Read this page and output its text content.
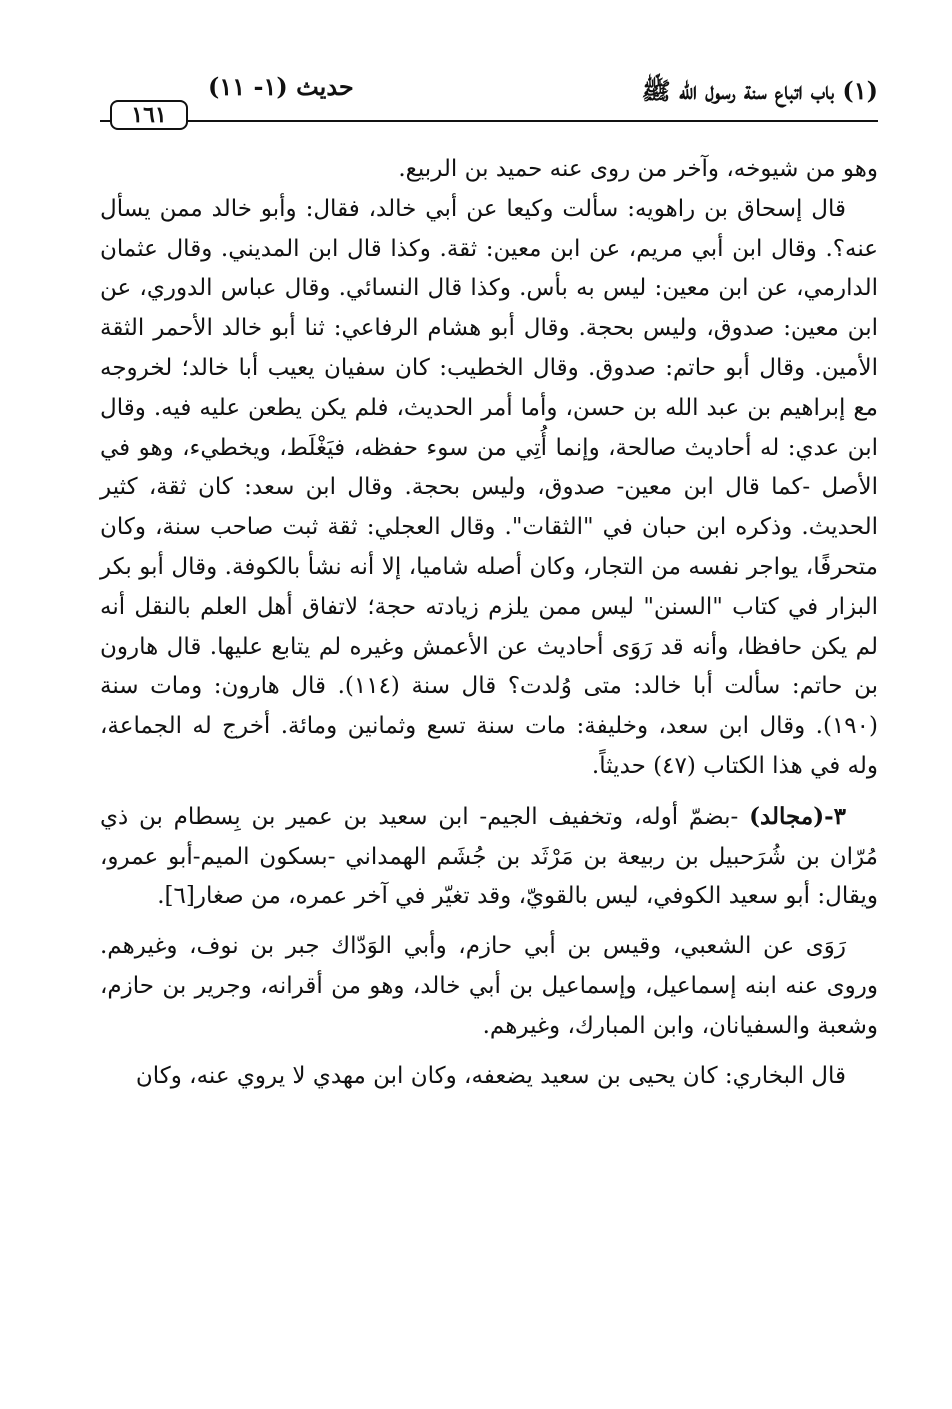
١٦١
حديث (١- ١١)	(١) باب اتباع سنة رسول الله ﷺ

وهو من شيوخه، وآخر من روى عنه حميد بن الربيع.

قال إسحاق بن راهويه: سألت وكيعا عن أبي خالد، فقال: وأبو خالد ممن يسأل عنه؟. وقال ابن أبي مريم، عن ابن معين: ثقة. وكذا قال ابن المديني. وقال عثمان الدارمي، عن ابن معين: ليس به بأس. وكذا قال النسائي. وقال عباس الدوري، عن ابن معين: صدوق، وليس بحجة. وقال أبو هشام الرفاعي: ثنا أبو خالد الأحمر الثقة الأمين. وقال أبو حاتم: صدوق. وقال الخطيب: كان سفيان يعيب أبا خالد؛ لخروجه مع إبراهيم بن عبد الله بن حسن، وأما أمر الحديث، فلم يكن يطعن عليه فيه. وقال ابن عدي: له أحاديث صالحة، وإنما أُتِي من سوء حفظه، فيَغْلَط، ويخطيء، وهو في الأصل -كما قال ابن معين- صدوق، وليس بحجة. وقال ابن سعد: كان ثقة، كثير الحديث. وذكره ابن حبان في "الثقات". وقال العجلي: ثقة ثبت صاحب سنة، وكان متحرفًا، يواجر نفسه من التجار، وكان أصله شاميا، إلا أنه نشأ بالكوفة. وقال أبو بكر البزار في كتاب "السنن" ليس ممن يلزم زيادته حجة؛ لاتفاق أهل العلم بالنقل أنه لم يكن حافظا، وأنه قد رَوَى أحاديث عن الأعمش وغيره لم يتابع عليها. قال هارون بن حاتم: سألت أبا خالد: متى وُلدت؟ قال سنة (١١٤). قال هارون: ومات سنة (١٩٠). وقال ابن سعد، وخليفة: مات سنة تسع وثمانين ومائة. أخرج له الجماعة، وله في هذا الكتاب (٤٧) حديثاً.

٣-(مجالد) -بضمّ أوله، وتخفيف الجيم- ابن سعيد بن عمير بن بِسطام بن ذي مُرّان بن شُرَحبيل بن ربيعة بن مَرْثَد بن جُشَم الهمداني -بسكون الميم-أبو عمرو، ويقال: أبو سعيد الكوفي، ليس بالقويّ، وقد تغيّر في آخر عمره، من صغار[٦].

رَوَى عن الشعبي، وقيس بن أبي حازم، وأبي الوَدّاك جبر بن نوف، وغيرهم. وروى عنه ابنه إسماعيل، وإسماعيل بن أبي خالد، وهو من أقرانه، وجرير بن حازم، وشعبة والسفيانان، وابن المبارك، وغيرهم.

قال البخاري: كان يحيى بن سعيد يضعفه، وكان ابن مهدي لا يروي عنه، وكان
